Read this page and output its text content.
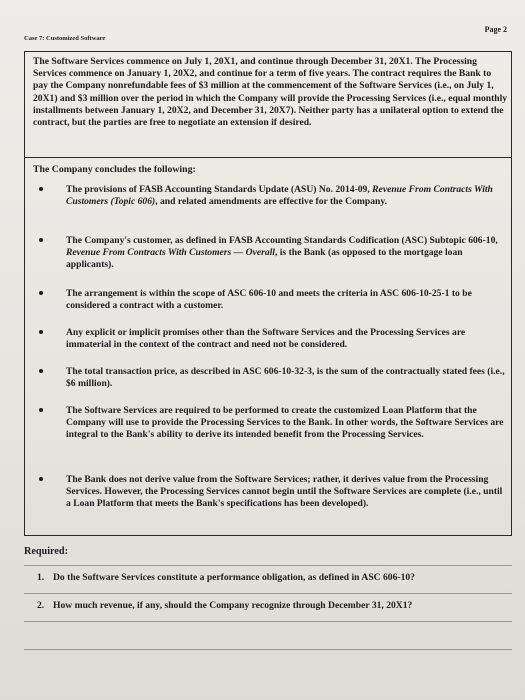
Page 2
Case 7: Customized Software

The Software Services commence on July 1, 20X1, and continue through December 31, 20X1. The Processing Services commence on January 1, 20X2, and continue for a term of five years. The contract requires the Bank to pay the Company nonrefundable fees of $3 million at the commencement of the Software Services (i.e., on July 1, 20X1) and $3 million over the period in which the Company will provide the Processing Services (i.e., equal monthly installments between January 1, 20X2, and December 31, 20X7). Neither party has a unilateral option to extend the contract, but the parties are free to negotiate an extension if desired.

The Company concludes the following:
The provisions of FASB Accounting Standards Update (ASU) No. 2014-09, Revenue From Contracts With Customers (Topic 606), and related amendments are effective for the Company.
The Company's customer, as defined in FASB Accounting Standards Codification (ASC) Subtopic 606-10, Revenue From Contracts With Customers — Overall, is the Bank (as opposed to the mortgage loan applicants).
The arrangement is within the scope of ASC 606-10 and meets the criteria in ASC 606-10-25-1 to be considered a contract with a customer.
Any explicit or implicit promises other than the Software Services and the Processing Services are immaterial in the context of the contract and need not be considered.
The total transaction price, as described in ASC 606-10-32-3, is the sum of the contractually stated fees (i.e., $6 million).
The Software Services are required to be performed to create the customized Loan Platform that the Company will use to provide the Processing Services to the Bank. In other words, the Software Services are integral to the Bank's ability to derive its intended benefit from the Processing Services.
The Bank does not derive value from the Software Services; rather, it derives value from the Processing Services. However, the Processing Services cannot begin until the Software Services are complete (i.e., until a Loan Platform that meets the Bank's specifications has been developed).
Required:
1. Do the Software Services constitute a performance obligation, as defined in ASC 606-10?
2. How much revenue, if any, should the Company recognize through December 31, 20X1?
